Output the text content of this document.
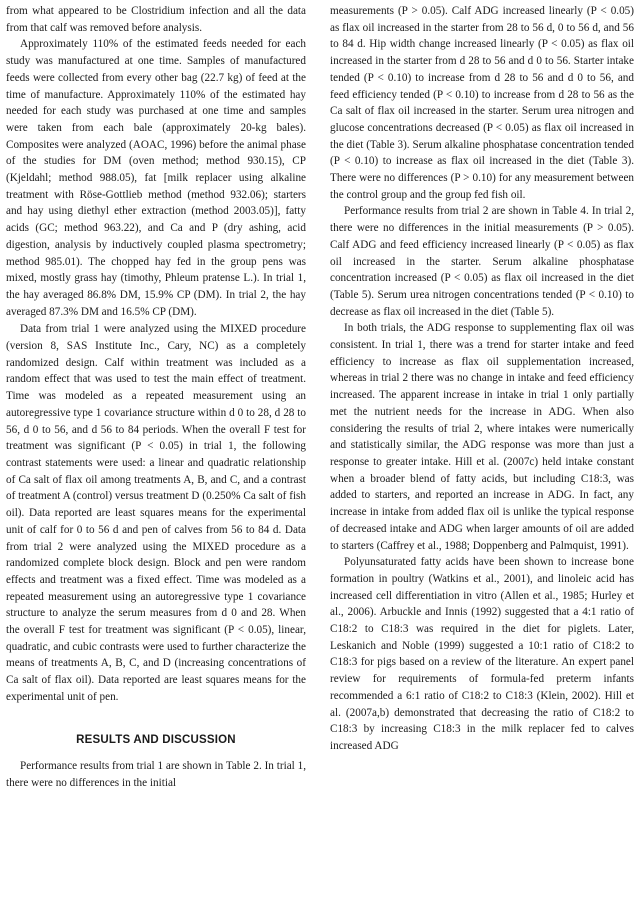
from what appeared to be Clostridium infection and all the data from that calf was removed before analysis.

Approximately 110% of the estimated feeds needed for each study was manufactured at one time. Samples of manufactured feeds were collected from every other bag (22.7 kg) of feed at the time of manufacture. Approximately 110% of the estimated hay needed for each study was purchased at one time and samples were taken from each bale (approximately 20-kg bales). Composites were analyzed (AOAC, 1996) before the animal phase of the studies for DM (oven method; method 930.15), CP (Kjeldahl; method 988.05), fat [milk replacer using alkaline treatment with Röse-Gottlieb method (method 932.06); starters and hay using diethyl ether extraction (method 2003.05)], fatty acids (GC; method 963.22), and Ca and P (dry ashing, acid digestion, analysis by inductively coupled plasma spectrometry; method 985.01). The chopped hay fed in the group pens was mixed, mostly grass hay (timothy, Phleum pratense L.). In trial 1, the hay averaged 86.8% DM, 15.9% CP (DM). In trial 2, the hay averaged 87.3% DM and 16.5% CP (DM).

Data from trial 1 were analyzed using the MIXED procedure (version 8, SAS Institute Inc., Cary, NC) as a completely randomized design. Calf within treatment was included as a random effect that was used to test the main effect of treatment. Time was modeled as a repeated measurement using an autoregressive type 1 covariance structure within d 0 to 28, d 28 to 56, d 0 to 56, and d 56 to 84 periods. When the overall F test for treatment was significant (P < 0.05) in trial 1, the following contrast statements were used: a linear and quadratic relationship of Ca salt of flax oil among treatments A, B, and C, and a contrast of treatment A (control) versus treatment D (0.250% Ca salt of fish oil). Data reported are least squares means for the experimental unit of calf for 0 to 56 d and pen of calves from 56 to 84 d. Data from trial 2 were analyzed using the MIXED procedure as a randomized complete block design. Block and pen were random effects and treatment was a fixed effect. Time was modeled as a repeated measurement using an autoregressive type 1 covariance structure to analyze the serum measures from d 0 and 28. When the overall F test for treatment was significant (P < 0.05), linear, quadratic, and cubic contrasts were used to further characterize the means of treatments A, B, C, and D (increasing concentrations of Ca salt of flax oil). Data reported are least squares means for the experimental unit of pen.

RESULTS AND DISCUSSION

Performance results from trial 1 are shown in Table 2. In trial 1, there were no differences in the initial

measurements (P > 0.05). Calf ADG increased linearly (P < 0.05) as flax oil increased in the starter from 28 to 56 d, 0 to 56 d, and 56 to 84 d. Hip width change increased linearly (P < 0.05) as flax oil increased in the starter from d 28 to 56 and d 0 to 56. Starter intake tended (P < 0.10) to increase from d 28 to 56 and d 0 to 56, and feed efficiency tended (P < 0.10) to increase from d 28 to 56 as the Ca salt of flax oil increased in the starter. Serum urea nitrogen and glucose concentrations decreased (P < 0.05) as flax oil increased in the diet (Table 3). Serum alkaline phosphatase concentration tended (P < 0.10) to increase as flax oil increased in the diet (Table 3). There were no differences (P > 0.10) for any measurement between the control group and the group fed fish oil.

Performance results from trial 2 are shown in Table 4. In trial 2, there were no differences in the initial measurements (P > 0.05). Calf ADG and feed efficiency increased linearly (P < 0.05) as flax oil increased in the starter. Serum alkaline phosphatase concentration increased (P < 0.05) as flax oil increased in the diet (Table 5). Serum urea nitrogen concentrations tended (P < 0.10) to decrease as flax oil increased in the diet (Table 5).

In both trials, the ADG response to supplementing flax oil was consistent. In trial 1, there was a trend for starter intake and feed efficiency to increase as flax oil supplementation increased, whereas in trial 2 there was no change in intake and feed efficiency increased. The apparent increase in intake in trial 1 only partially met the nutrient needs for the increase in ADG. When also considering the results of trial 2, where intakes were numerically and statistically similar, the ADG response was more than just a response to greater intake. Hill et al. (2007c) held intake constant when a broader blend of fatty acids, but including C18:3, was added to starters, and reported an increase in ADG. In fact, any increase in intake from added flax oil is unlike the typical response of decreased intake and ADG when larger amounts of oil are added to starters (Caffrey et al., 1988; Doppenberg and Palmquist, 1991).

Polyunsaturated fatty acids have been shown to increase bone formation in poultry (Watkins et al., 2001), and linoleic acid has increased cell differentiation in vitro (Allen et al., 1985; Hurley et al., 2006). Arbuckle and Innis (1992) suggested that a 4:1 ratio of C18:2 to C18:3 was required in the diet for piglets. Later, Leskanich and Noble (1999) suggested a 10:1 ratio of C18:2 to C18:3 for pigs based on a review of the literature. An expert panel review for requirements of formula-fed preterm infants recommended a 6:1 ratio of C18:2 to C18:3 (Klein, 2002). Hill et al. (2007a,b) demonstrated that decreasing the ratio of C18:2 to C18:3 by increasing C18:3 in the milk replacer fed to calves increased ADG
